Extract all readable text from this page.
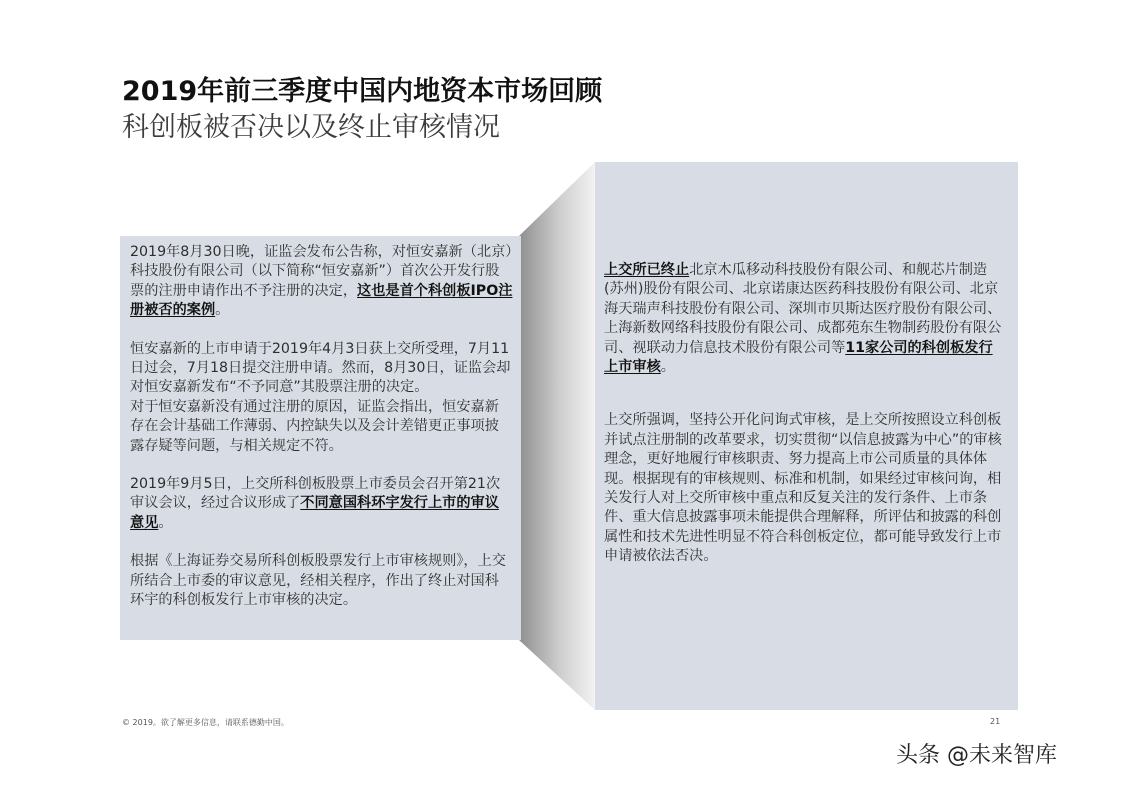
2019年前三季度中国内地资本市场回顾
科创板被否决以及终止审核情况

2019年8月30日晚，证监会发布公告称，对恒安嘉新（北京）科技股份有限公司（以下简称“恒安嘉新”）首次公开发行股票的注册申请作出不予注册的决定，这也是首个科创板IPO注册被否的案例。

恒安嘉新的上市申请于2019年4月3日获上交所受理，7月11日过会，7月18日提交注册申请。然而，8月30日，证监会却对恒安嘉新发布“不予同意”其股票注册的决定。
对于恒安嘉新没有通过注册的原因，证监会指出，恒安嘉新存在会计基础工作薄弱、内控缺失以及会计差错更正事项披露存疑等问题，与相关规定不符。

2019年9月5日，上交所科创板股票上市委员会召开第21次审议会议，经过合议形成了不同意国科环宇发行上市的审议意见。

根据《上海证券交易所科创板股票发行上市审核规则》，上交所结合上市委的审议意见，经相关程序，作出了终止对国科环宇的科创板发行上市审核的决定。

上交所已终止北京木瓜移动科技股份有限公司、和舰芯片制造(苏州)股份有限公司、北京诺康达医药科技股份有限公司、北京海天瑞声科技股份有限公司、深圳市贝斯达医疗股份有限公司、上海新数网络科技股份有限公司、成都苑东生物制药股份有限公司、视联动力信息技术股份有限公司等11家公司的科创板发行上市审核。

上交所强调，坚持公开化问询式审核，是上交所按照设立科创板并试点注册制的改革要求，切实贯彻“以信息披露为中心”的审核理念，更好地履行审核职责、努力提高上市公司质量的具体体现。根据现有的审核规则、标准和机制，如果经过审核问询，相关发行人对上交所审核中重点和反复关注的发行条件、上市条件、重大信息披露事项未能提供合理解释，所评估和披露的科创属性和技术先进性明显不符合科创板定位，都可能导致发行上市申请被依法否决。

© 2019。欲了解更多信息，请联系德勤中国。	21
头条 @未来智库
